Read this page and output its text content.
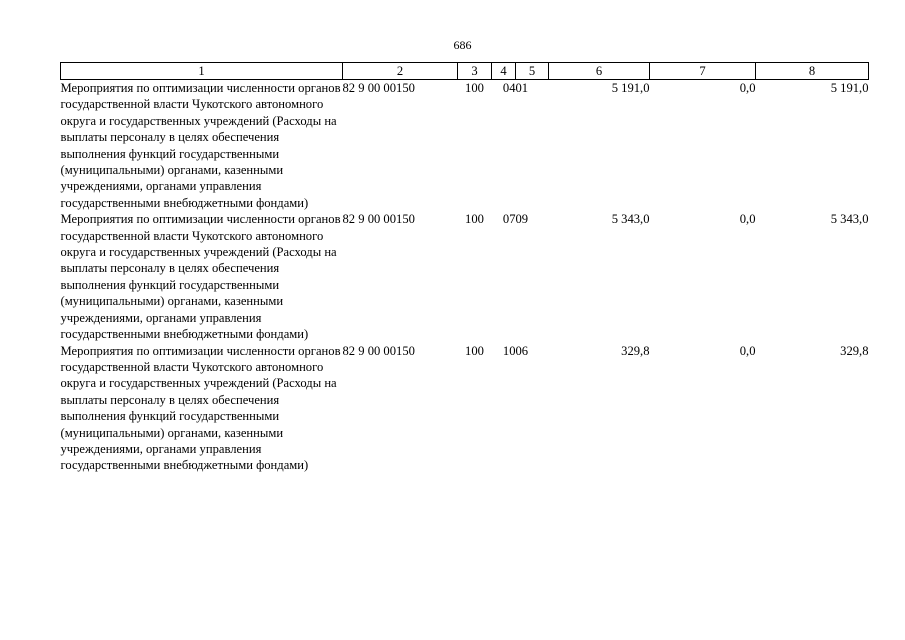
686
1	2	3	4	5	6	7	8

Мероприятия по оптимизации численности органов государственной власти Чукотского автономного округа и государственных учреждений (Расходы на выплаты персоналу в целях обеспечения выполнения функций государственными (муниципальными) органами, казенными учреждениями, органами управления государственными внебюджетными фондами)	82 9 00 00150	100	04	01	5 191,0	0,0	5 191,0

Мероприятия по оптимизации численности органов государственной власти Чукотского автономного округа и государственных учреждений (Расходы на выплаты персоналу в целях обеспечения выполнения функций государственными (муниципальными) органами, казенными учреждениями, органами управления государственными внебюджетными фондами)	82 9 00 00150	100	07	09	5 343,0	0,0	5 343,0

Мероприятия по оптимизации численности органов государственной власти Чукотского автономного округа и государственных учреждений (Расходы на выплаты персоналу в целях обеспечения выполнения функций государственными (муниципальными) органами, казенными учреждениями, органами управления государственными внебюджетными фондами)	82 9 00 00150	100	10	06	329,8	0,0	329,8
